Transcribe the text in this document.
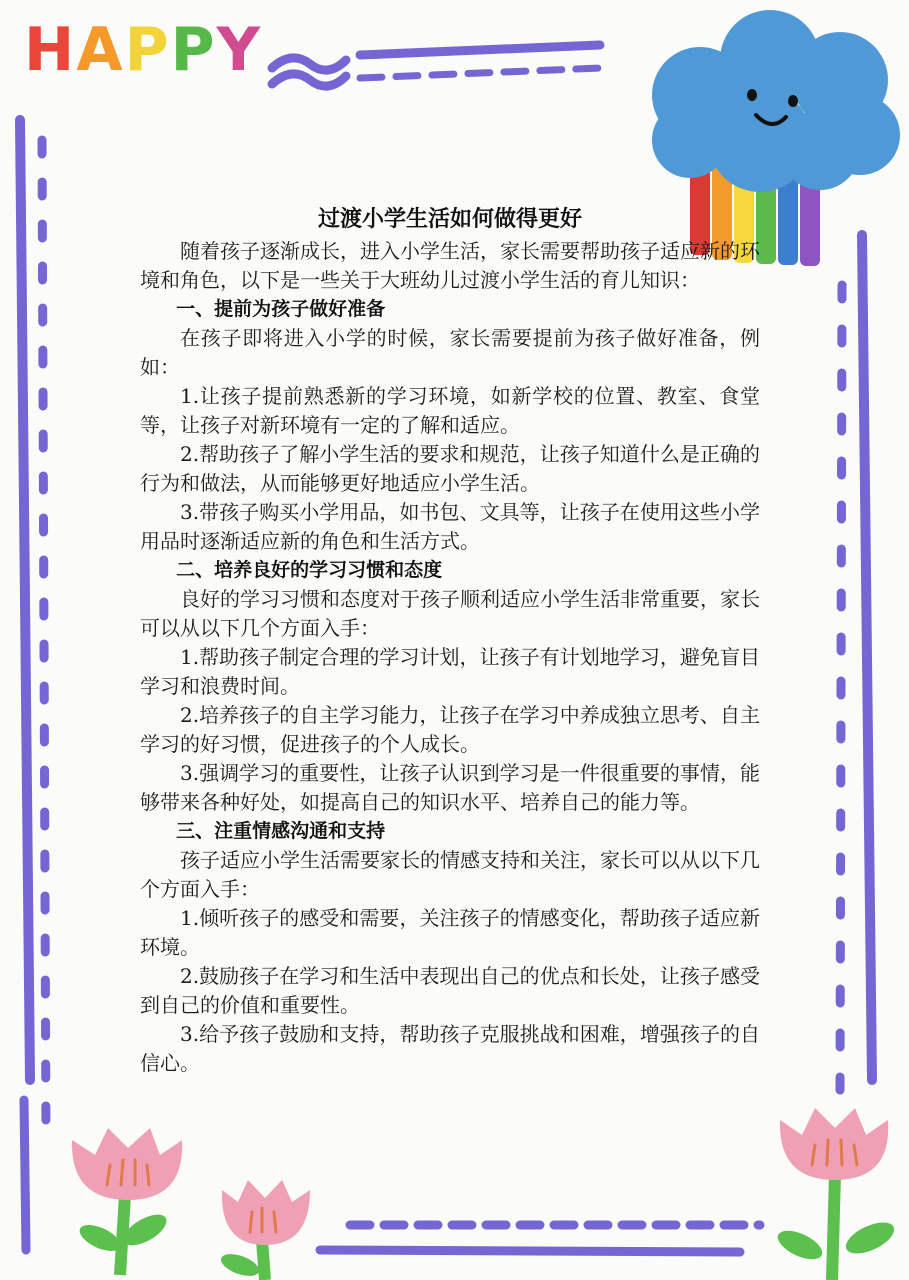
HAPPY
过渡小学生活如何做得更好

随着孩子逐渐成长，进入小学生活，家长需要帮助孩子适应新的环境和角色，以下是一些关于大班幼儿过渡小学生活的育儿知识：

一、提前为孩子做好准备

在孩子即将进入小学的时候，家长需要提前为孩子做好准备，例如：

1.让孩子提前熟悉新的学习环境，如新学校的位置、教室、食堂等，让孩子对新环境有一定的了解和适应。

2.帮助孩子了解小学生活的要求和规范，让孩子知道什么是正确的行为和做法，从而能够更好地适应小学生活。

3.带孩子购买小学用品，如书包、文具等，让孩子在使用这些小学用品时逐渐适应新的角色和生活方式。

二、培养良好的学习习惯和态度

良好的学习习惯和态度对于孩子顺利适应小学生活非常重要，家长可以从以下几个方面入手：

1.帮助孩子制定合理的学习计划，让孩子有计划地学习，避免盲目学习和浪费时间。

2.培养孩子的自主学习能力，让孩子在学习中养成独立思考、自主学习的好习惯，促进孩子的个人成长。

3.强调学习的重要性，让孩子认识到学习是一件很重要的事情，能够带来各种好处，如提高自己的知识水平、培养自己的能力等。

三、注重情感沟通和支持

孩子适应小学生活需要家长的情感支持和关注，家长可以从以下几个方面入手：

1.倾听孩子的感受和需要，关注孩子的情感变化，帮助孩子适应新环境。

2.鼓励孩子在学习和生活中表现出自己的优点和长处，让孩子感受到自己的价值和重要性。

3.给予孩子鼓励和支持，帮助孩子克服挑战和困难，增强孩子的自信心。
